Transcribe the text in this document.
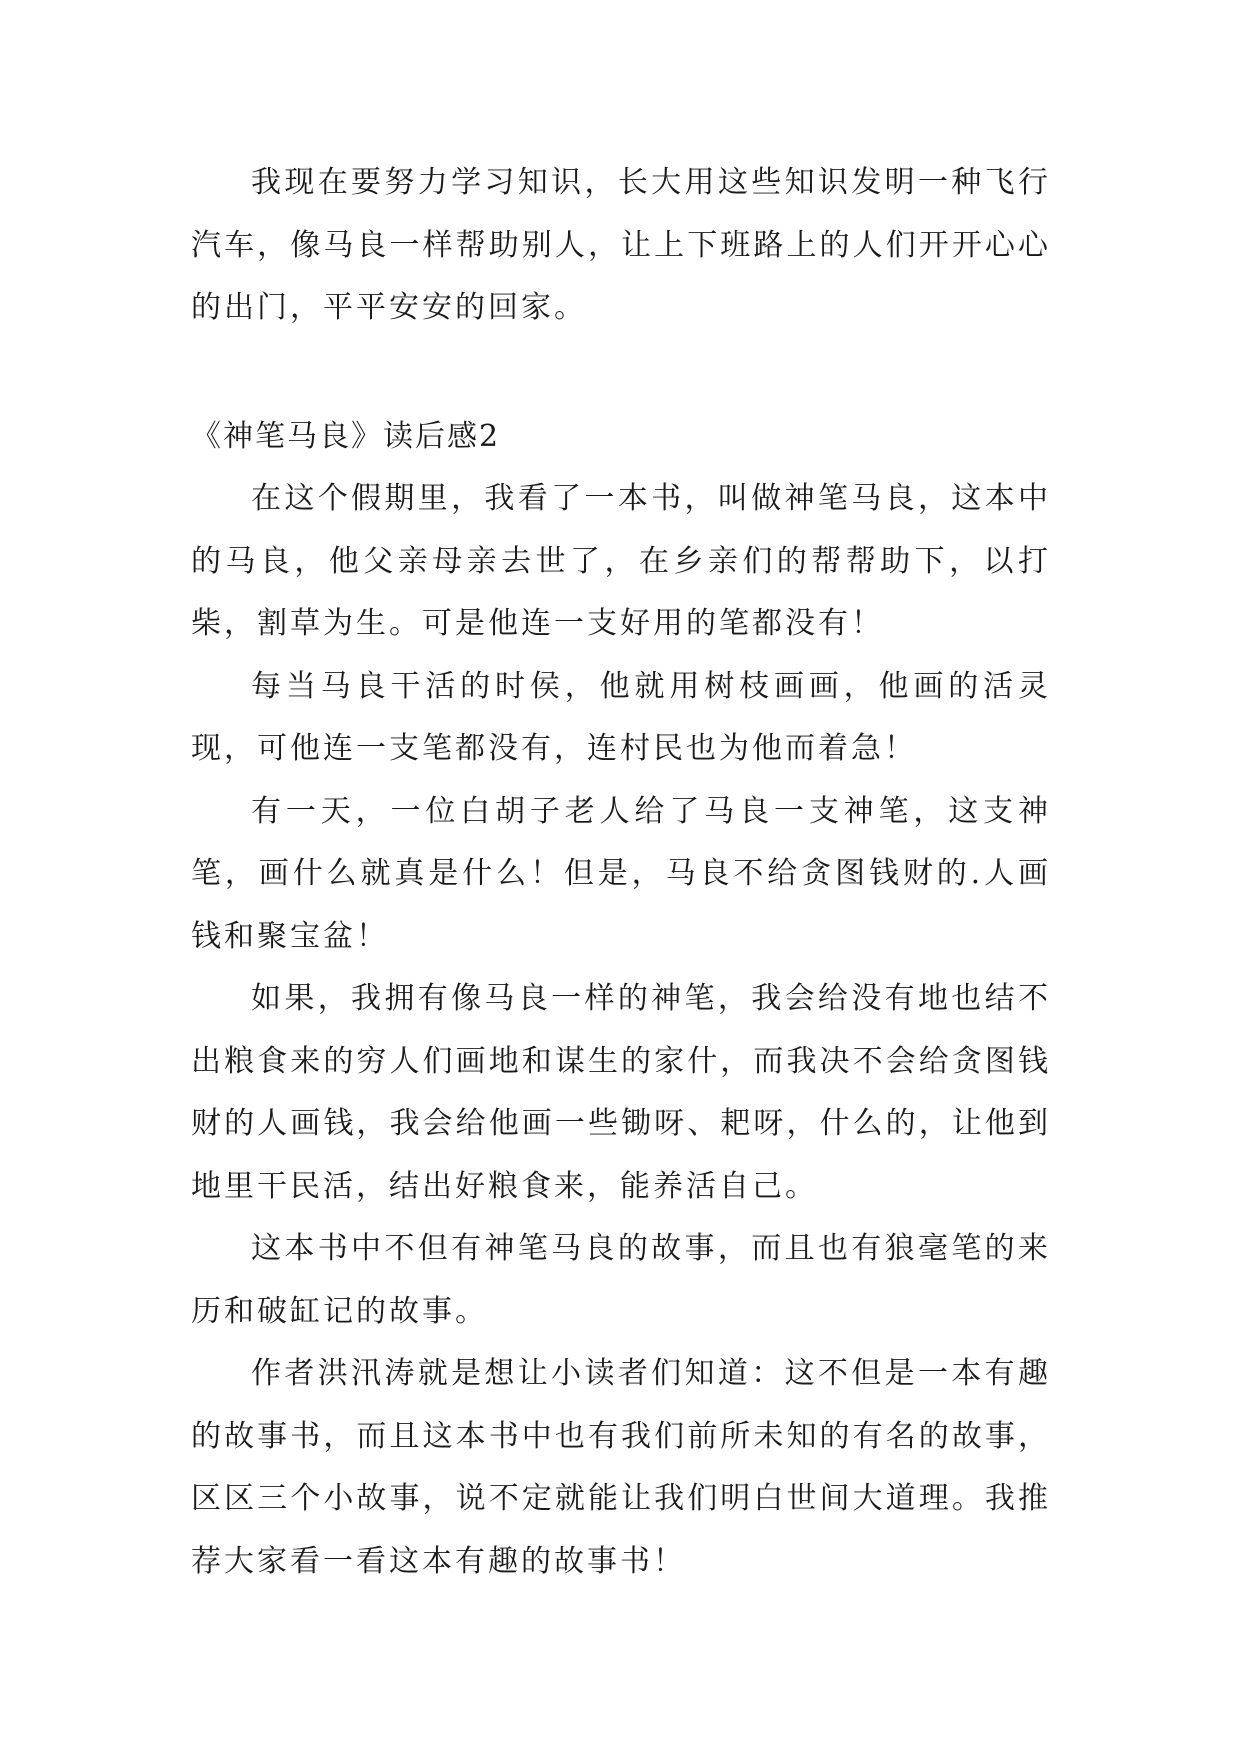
我现在要努力学习知识，长大用这些知识发明一种飞行汽车，像马良一样帮助别人，让上下班路上的人们开开心心的出门，平平安安的回家。

《神笔马良》读后感2

在这个假期里，我看了一本书，叫做神笔马良，这本中的马良，他父亲母亲去世了，在乡亲们的帮帮助下，以打柴，割草为生。可是他连一支好用的笔都没有！

每当马良干活的时侯，他就用树枝画画，他画的活灵现，可他连一支笔都没有，连村民也为他而着急！

有一天，一位白胡子老人给了马良一支神笔，这支神笔，画什么就真是什么！但是，马良不给贪图钱财的.人画钱和聚宝盆！

如果，我拥有像马良一样的神笔，我会给没有地也结不出粮食来的穷人们画地和谋生的家什，而我决不会给贪图钱财的人画钱，我会给他画一些锄呀、耙呀，什么的，让他到地里干民活，结出好粮食来，能养活自己。

这本书中不但有神笔马良的故事，而且也有狼毫笔的来历和破缸记的故事。

作者洪汛涛就是想让小读者们知道：这不但是一本有趣的故事书，而且这本书中也有我们前所未知的有名的故事，区区三个小故事，说不定就能让我们明白世间大道理。我推荐大家看一看这本有趣的故事书！
